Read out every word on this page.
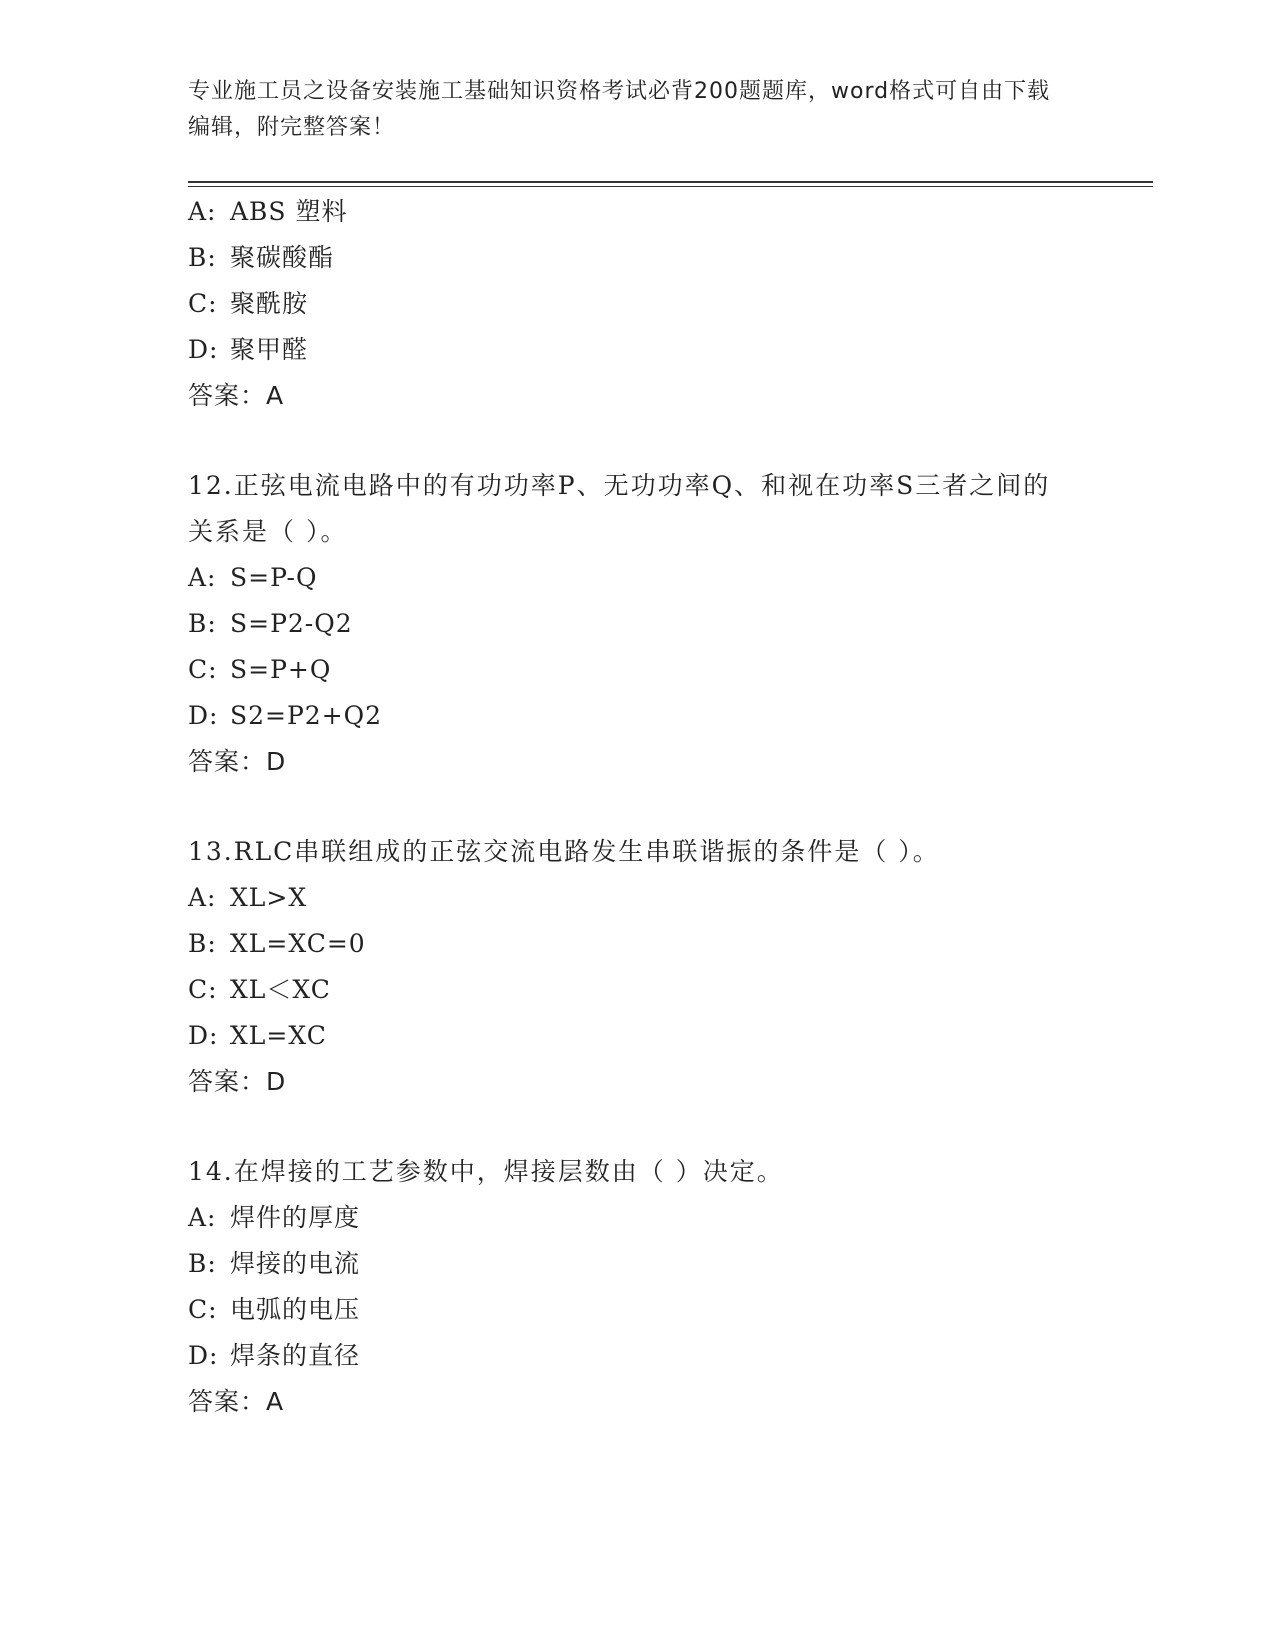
专业施工员之设备安装施工基础知识资格考试必背200题题库，word格式可自由下载编辑，附完整答案！
A: ABS 塑料
B: 聚碳酸酯
C: 聚酰胺
D: 聚甲醛
答案：A
12.正弦电流电路中的有功功率P、无功功率Q、和视在功率S三者之间的关系是（ ）。
A: S=P-Q
B: S=P2-Q2
C: S=P+Q
D: S2=P2+Q2
答案：D
13.RLC串联组成的正弦交流电路发生串联谐振的条件是（ ）。
A: XL>X
B: XL=XC=0
C: XL＜XC
D: XL=XC
答案：D
14.在焊接的工艺参数中，焊接层数由（ ）决定。
A: 焊件的厚度
B: 焊接的电流
C: 电弧的电压
D: 焊条的直径
答案：A
